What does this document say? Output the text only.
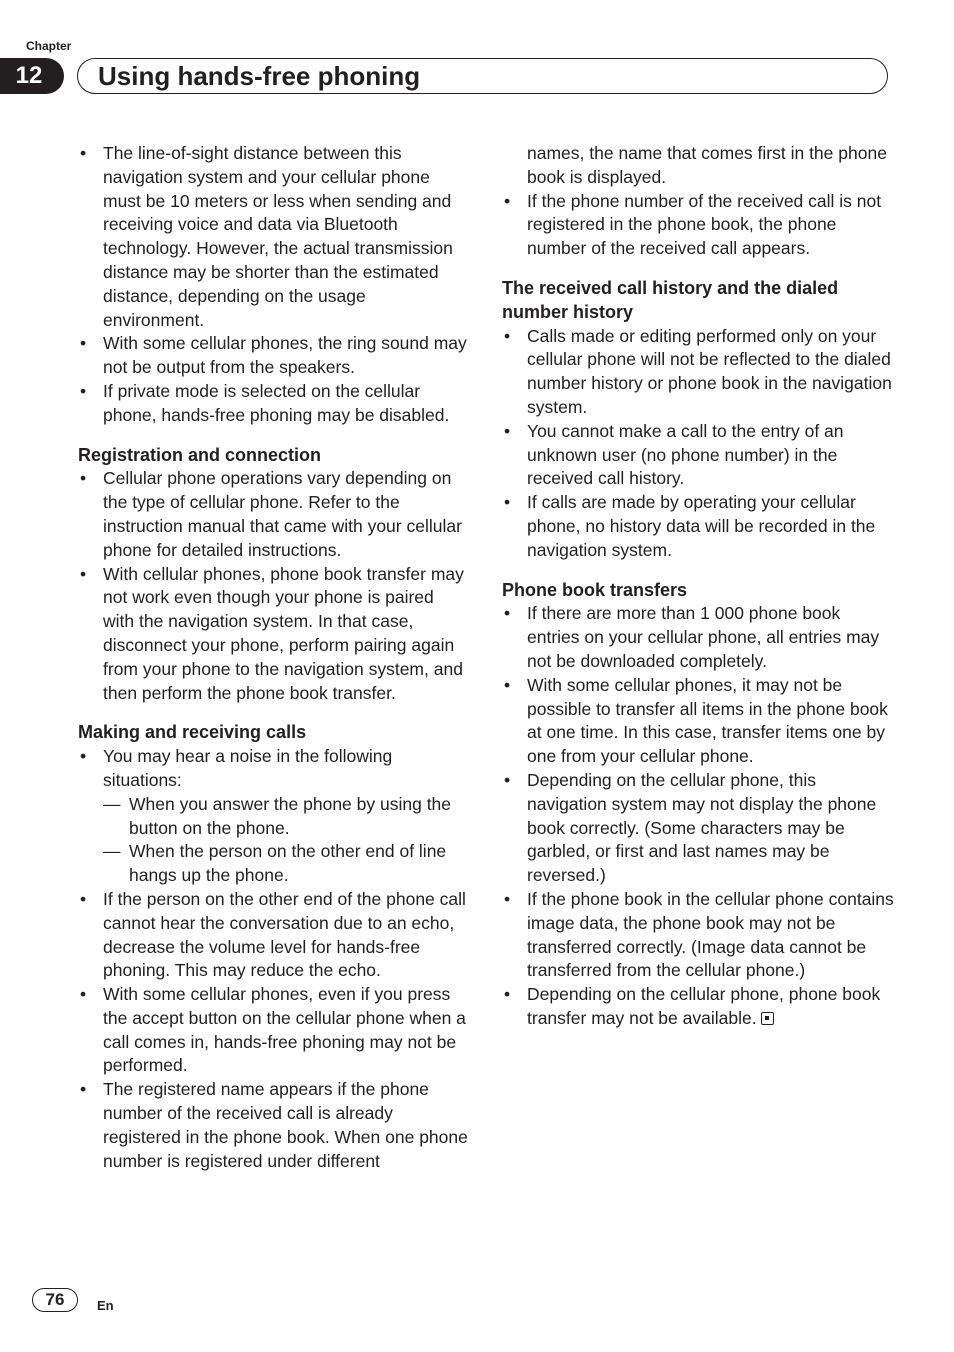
Chapter
12	Using hands-free phoning
• The line-of-sight distance between this navigation system and your cellular phone must be 10 meters or less when sending and receiving voice and data via Bluetooth technology. However, the actual transmission distance may be shorter than the estimated distance, depending on the usage environment.
• With some cellular phones, the ring sound may not be output from the speakers.
• If private mode is selected on the cellular phone, hands-free phoning may be disabled.
Registration and connection
• Cellular phone operations vary depending on the type of cellular phone. Refer to the instruction manual that came with your cellular phone for detailed instructions.
• With cellular phones, phone book transfer may not work even though your phone is paired with the navigation system. In that case, disconnect your phone, perform pairing again from your phone to the navigation system, and then perform the phone book transfer.
Making and receiving calls
• You may hear a noise in the following situations:
— When you answer the phone by using the button on the phone.
— When the person on the other end of line hangs up the phone.
• If the person on the other end of the phone call cannot hear the conversation due to an echo, decrease the volume level for hands-free phoning. This may reduce the echo.
• With some cellular phones, even if you press the accept button on the cellular phone when a call comes in, hands-free phoning may not be performed.
• The registered name appears if the phone number of the received call is already registered in the phone book. When one phone number is registered under different
names, the name that comes first in the phone book is displayed.
• If the phone number of the received call is not registered in the phone book, the phone number of the received call appears.
The received call history and the dialed number history
• Calls made or editing performed only on your cellular phone will not be reflected to the dialed number history or phone book in the navigation system.
• You cannot make a call to the entry of an unknown user (no phone number) in the received call history.
• If calls are made by operating your cellular phone, no history data will be recorded in the navigation system.
Phone book transfers
• If there are more than 1 000 phone book entries on your cellular phone, all entries may not be downloaded completely.
• With some cellular phones, it may not be possible to transfer all items in the phone book at one time. In this case, transfer items one by one from your cellular phone.
• Depending on the cellular phone, this navigation system may not display the phone book correctly. (Some characters may be garbled, or first and last names may be reversed.)
• If the phone book in the cellular phone contains image data, the phone book may not be transferred correctly. (Image data cannot be transferred from the cellular phone.)
• Depending on the cellular phone, phone book transfer may not be available.
76	En
